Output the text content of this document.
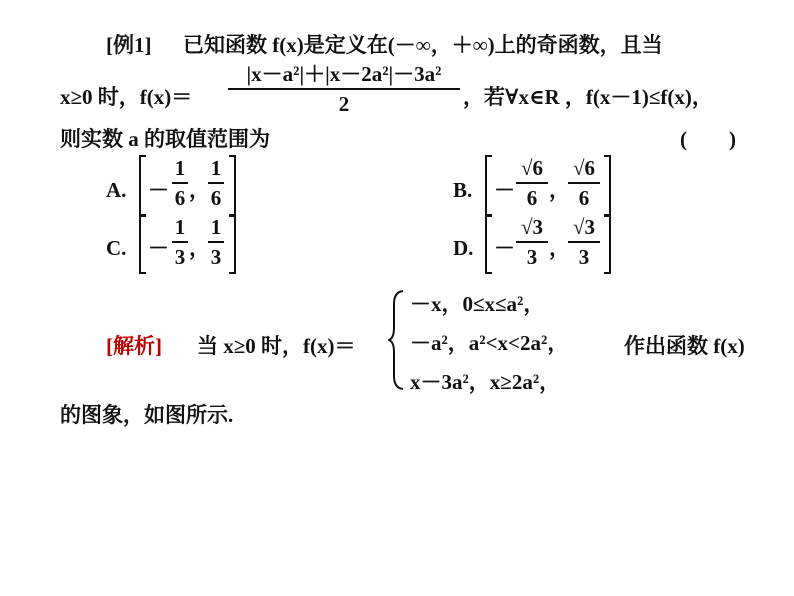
[例1] 已知函数 f(x)是定义在(－∞，＋∞)上的奇函数，且当
x≥0 时，f(x)＝
|x－a²|＋|x－2a²|－3a²
2	，若∀x∈R ，f(x－1)≤f(x)，
则实数 a 的取值范围为	(　　)
A. －
1
6 ，
1
6	B. －
√6
6 ，
√6
6
C. －
1
3 ，
1
3	D. －
√3
3 ，
√3
3
[解析] 当 x≥0 时，f(x)＝
－x，0≤x≤a²，
－a²，a²<x<2a²，
x－3a²，x≥2a²，
作出函数 f(x)
的图象，如图所示.
